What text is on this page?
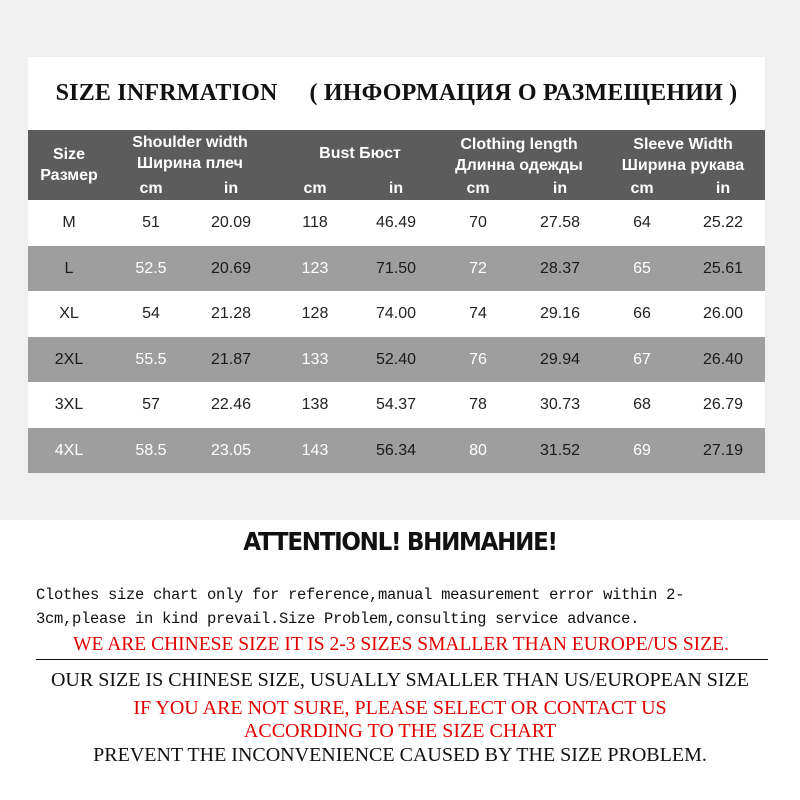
SIZE INFRMATION ( ИНФОРМАЦИЯ О РАЗМЕЩЕНИИ )
Size
Размер
Shoulder width
Ширина плеч
Bust Бюст
Clothing length
Длинна одежды
Sleeve Width
Ширина рукава
cm	in	cm	in	cm	in	cm	in
M	51	20.09	118	46.49	70	27.58	64	25.22
L	52.5	20.69	123	71.50	72	28.37	65	25.61
XL	54	21.28	128	74.00	74	29.16	66	26.00
2XL	55.5	21.87	133	52.40	76	29.94	67	26.40
3XL	57	22.46	138	54.37	78	30.73	68	26.79
4XL	58.5	23.05	143	56.34	80	31.52	69	27.19
ATTENTIONL! ВНИМАНИЕ!
Clothes size chart only for reference,manual measurement error within 2-3cm,please in kind prevail.Size Problem,consulting service advance.
WE ARE CHINESE SIZE IT IS 2-3 SIZES SMALLER THAN EUROPE/US SIZE.
OUR SIZE IS CHINESE SIZE, USUALLY SMALLER THAN US/EUROPEAN SIZE
IF YOU ARE NOT SURE, PLEASE SELECT OR CONTACT US
ACCORDING TO THE SIZE CHART
PREVENT THE INCONVENIENCE CAUSED BY THE SIZE PROBLEM.
